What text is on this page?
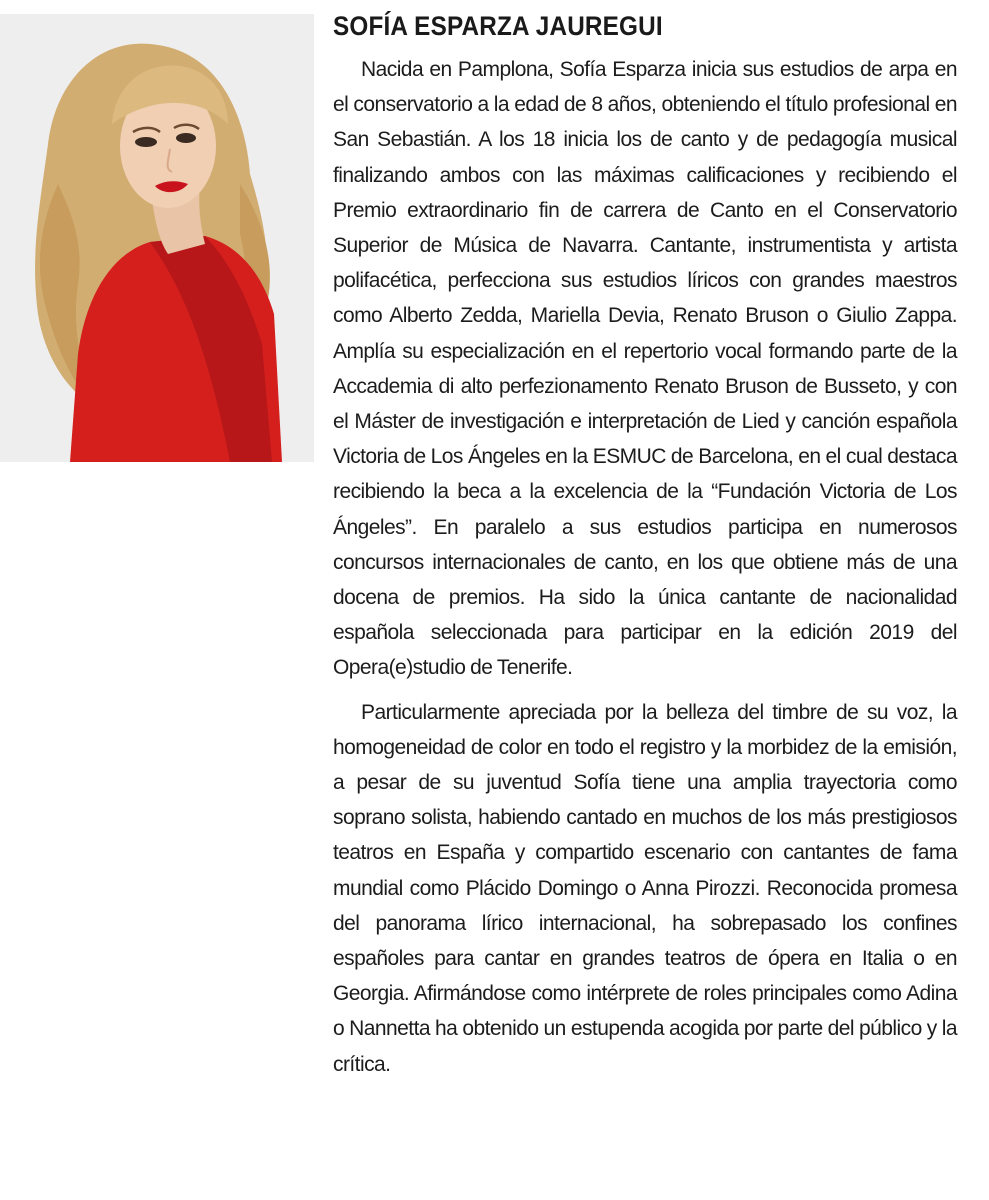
SOFÍA ESPARZA JAUREGUI

Nacida en Pamplona, Sofía Esparza inicia sus estudios de arpa en el conservatorio a la edad de 8 años, obteniendo el título profesional en San Sebastián. A los 18 inicia los de canto y de pedagogía musical finalizando ambos con las máximas calificaciones y recibiendo el Premio extraordinario fin de carrera de Canto en el Conservatorio Superior de Música de Navarra. Cantante, instrumentista y artista polifacética, perfecciona sus estudios líricos con grandes maestros como Alberto Zedda, Mariella Devia, Renato Bruson o Giulio Zappa. Amplía su especialización en el repertorio vocal formando parte de la Accademia di alto perfezionamento Renato Bruson de Busseto, y con el Máster de investigación e interpretación de Lied y canción española Victoria de Los Ángeles en la ESMUC de Barcelona, en el cual destaca recibiendo la beca a la excelencia de la “Fundación Victoria de Los Ángeles”. En paralelo a sus estudios participa en numerosos concursos internacionales de canto, en los que obtiene más de una docena de premios. Ha sido la única cantante de nacionalidad española seleccionada para participar en la edición 2019 del Opera(e)studio de Tenerife.

Particularmente apreciada por la belleza del timbre de su voz, la homogeneidad de color en todo el registro y la morbidez de la emisión, a pesar de su juventud Sofía tiene una amplia trayectoria como soprano solista, habiendo cantado en muchos de los más prestigiosos teatros en España y compartido escenario con cantantes de fama mundial como Plácido Domingo o Anna Pirozzi. Reconocida promesa del panorama lírico internacional, ha sobrepasado los confines españoles para cantar en grandes teatros de ópera en Italia o en Georgia. Afirmándose como intérprete de roles principales como Adina o Nannetta ha obtenido un estupenda acogida por parte del público y la crítica.
